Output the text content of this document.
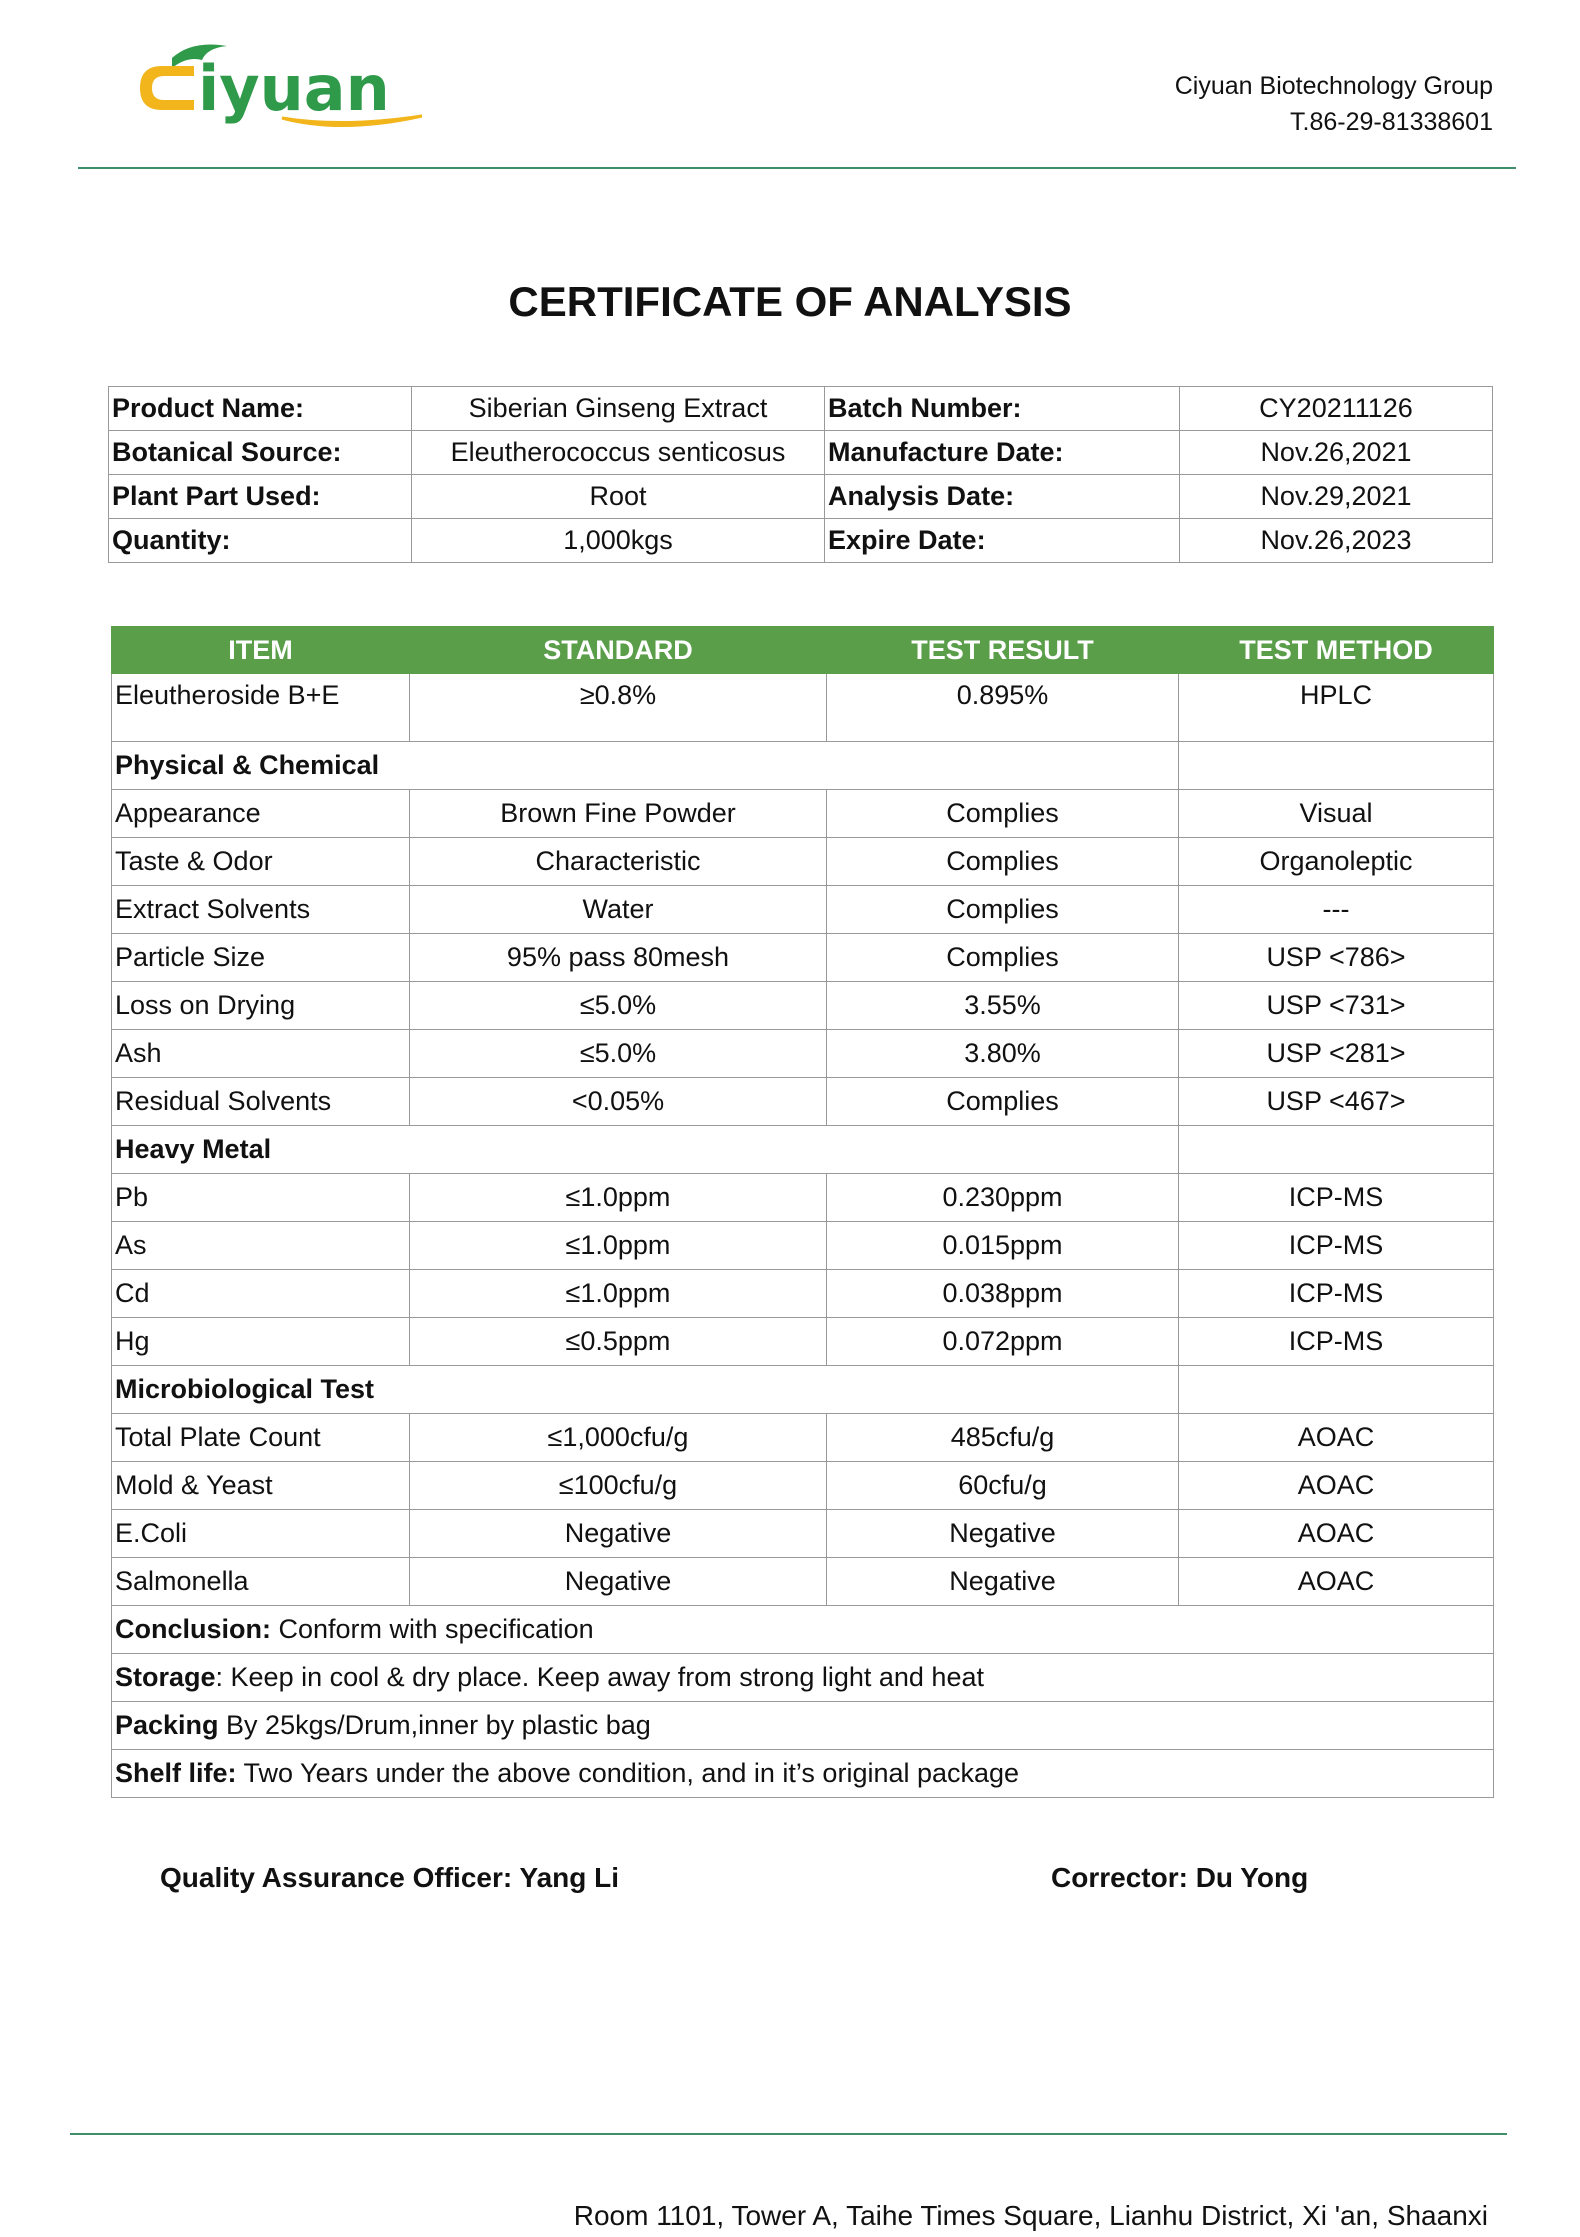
iyuan	Ciyuan Biotechnology Group
T.86-29-81338601
CERTIFICATE OF ANALYSIS
Product Name:	Siberian Ginseng Extract	Batch Number:	CY20211126
Botanical Source:	Eleutherococcus senticosus	Manufacture Date:	Nov.26,2021
Plant Part Used:	Root	Analysis Date:	Nov.29,2021
Quantity:	1,000kgs	Expire Date:	Nov.26,2023
ITEM	STANDARD	TEST RESULT	TEST METHOD
Eleutheroside B+E	≥0.8%	0.895%	HPLC
Physical & Chemical			
Appearance	Brown Fine Powder	Complies	Visual
Taste & Odor	Characteristic	Complies	Organoleptic
Extract Solvents	Water	Complies	---
Particle Size	95% pass 80mesh	Complies	USP <786>
Loss on Drying	≤5.0%	3.55%	USP <731>
Ash	≤5.0%	3.80%	USP <281>
Residual Solvents	<0.05%	Complies	USP <467>
Heavy Metal			
Pb	≤1.0ppm	0.230ppm	ICP-MS
As	≤1.0ppm	0.015ppm	ICP-MS
Cd	≤1.0ppm	0.038ppm	ICP-MS
Hg	≤0.5ppm	0.072ppm	ICP-MS
Microbiological Test			
Total Plate Count	≤1,000cfu/g	485cfu/g	AOAC
Mold & Yeast	≤100cfu/g	60cfu/g	AOAC
E.Coli	Negative	Negative	AOAC
Salmonella	Negative	Negative	AOAC
Conclusion: Conform with specification			
Storage: Keep in cool & dry place. Keep away from strong light and heat			
Packing By 25kgs/Drum,inner by plastic bag			
Shelf life: Two Years under the above condition, and in it’s original package			
Quality Assurance Officer: Yang Li	Corrector: Du Yong
Room 1101, Tower A, Taihe Times Square, Lianhu District, Xi 'an, Shaanxi
